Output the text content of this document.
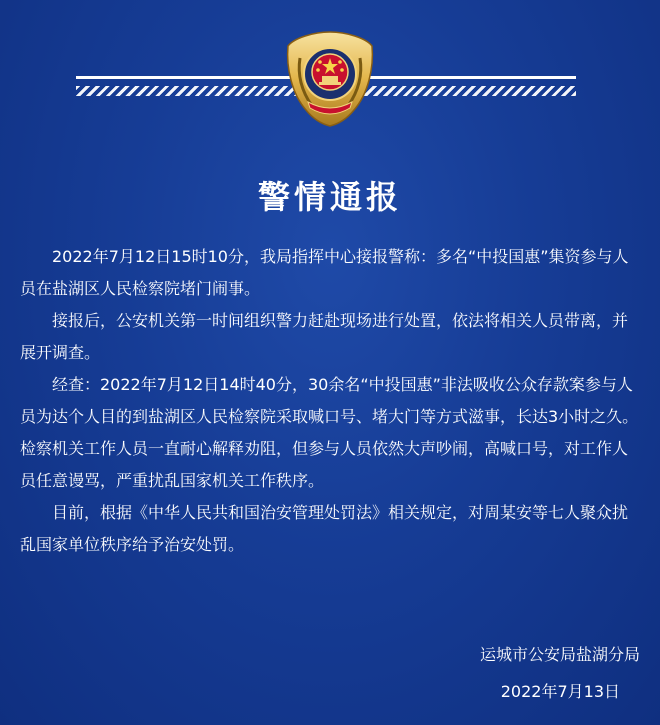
警情通报

2022年7月12日15时10分，我局指挥中心接报警称：多名“中投国惠”集资参与人员在盐湖区人民检察院堵门闹事。

接报后，公安机关第一时间组织警力赶赴现场进行处置，依法将相关人员带离，并展开调查。

经查：2022年7月12日14时40分，30余名“中投国惠”非法吸收公众存款案参与人员为达个人目的到盐湖区人民检察院采取喊口号、堵大门等方式滋事，长达3小时之久。检察机关工作人员一直耐心解释劝阻，但参与人员依然大声吵闹，高喊口号，对工作人员任意谩骂，严重扰乱国家机关工作秩序。

目前，根据《中华人民共和国治安管理处罚法》相关规定，对周某安等七人聚众扰乱国家单位秩序给予治安处罚。

运城市公安局盐湖分局
2022年7月13日
